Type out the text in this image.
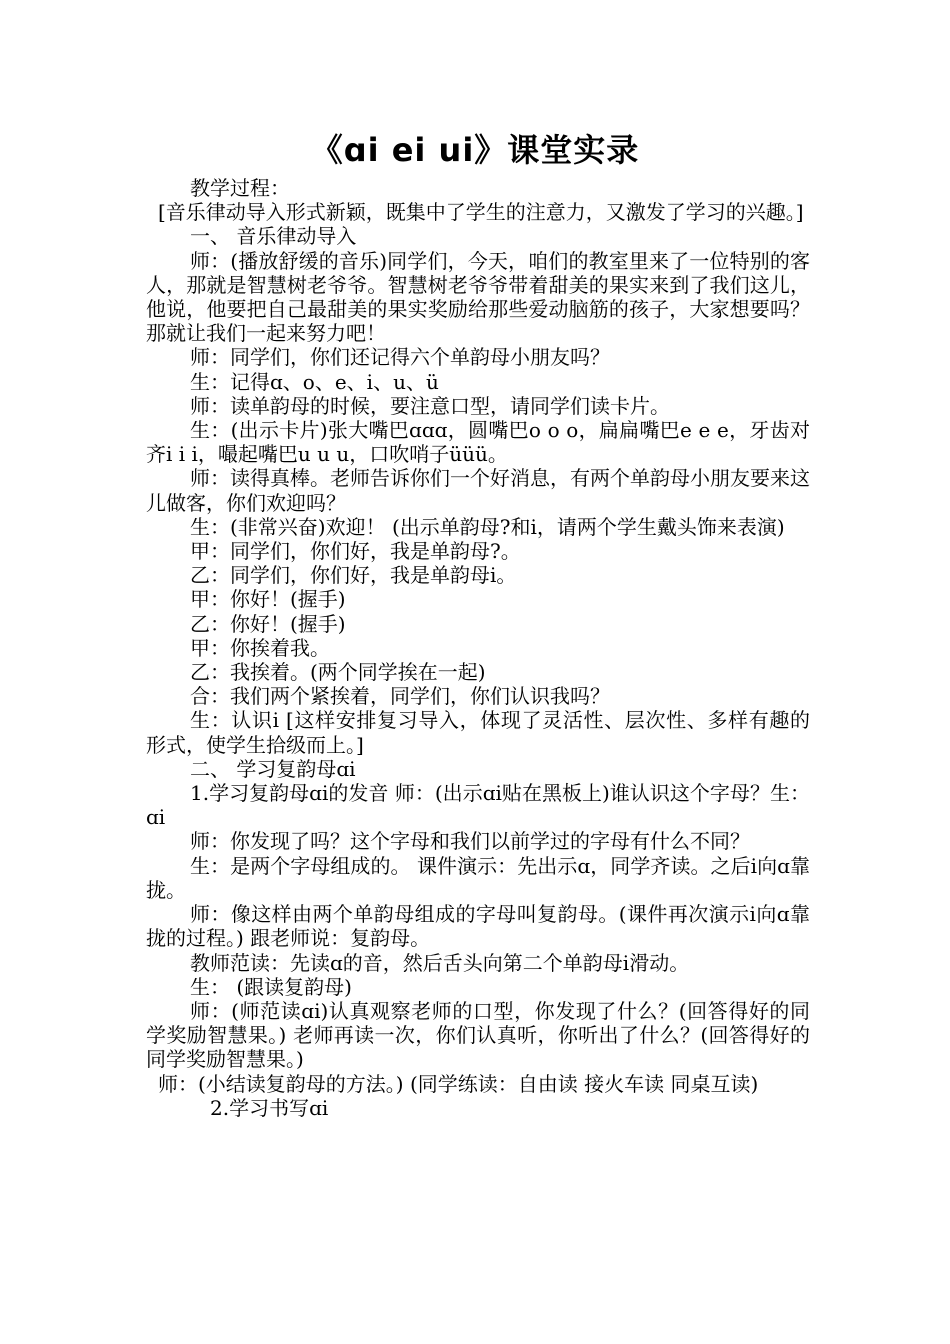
《ɑi ei ui》课堂实录

教学过程：

[音乐律动导入形式新颖，既集中了学生的注意力，又激发了学习的兴趣。]

一、 音乐律动导入

师：(播放舒缓的音乐)同学们，今天，咱们的教室里来了一位特别的客人，那就是智慧树老爷爷。智慧树老爷爷带着甜美的果实来到了我们这儿，他说，他要把自己最甜美的果实奖励给那些爱动脑筋的孩子，大家想要吗？那就让我们一起来努力吧！

师：同学们，你们还记得六个单韵母小朋友吗？

生：记得ɑ、o、e、i、u、ü

师：读单韵母的时候，要注意口型，请同学们读卡片。

生：(出示卡片)张大嘴巴ɑɑɑ，圆嘴巴o o o，扁扁嘴巴e e e，牙齿对齐i i i，嘬起嘴巴u u u，口吹哨子üüü。

师：读得真棒。老师告诉你们一个好消息，有两个单韵母小朋友要来这儿做客，你们欢迎吗？

生：(非常兴奋)欢迎！ (出示单韵母?和i，请两个学生戴头饰来表演)

甲：同学们，你们好，我是单韵母?。

乙：同学们，你们好，我是单韵母i。

甲：你好！(握手)

乙：你好！(握手)

甲：你挨着我。

乙：我挨着。(两个同学挨在一起)

合：我们两个紧挨着，同学们，你们认识我吗？

生：认识i [这样安排复习导入，体现了灵活性、层次性、多样有趣的形式，使学生拾级而上。]

二、 学习复韵母ɑi

1.学习复韵母ɑi的发音 师：(出示ɑi贴在黑板上)谁认识这个字母？生：ɑi

师：你发现了吗？这个字母和我们以前学过的字母有什么不同？

生：是两个字母组成的。 课件演示：先出示ɑ，同学齐读。之后i向ɑ靠拢。

师：像这样由两个单韵母组成的字母叫复韵母。(课件再次演示i向ɑ靠拢的过程。) 跟老师说：复韵母。

教师范读：先读ɑ的音，然后舌头向第二个单韵母i滑动。

生： (跟读复韵母)

师：(师范读ɑi)认真观察老师的口型，你发现了什么？(回答得好的同学奖励智慧果。) 老师再读一次，你们认真听，你听出了什么？(回答得好的同学奖励智慧果。)

师：(小结读复韵母的方法。) (同学练读：自由读 接火车读 同桌互读)

2.学习书写ɑi
